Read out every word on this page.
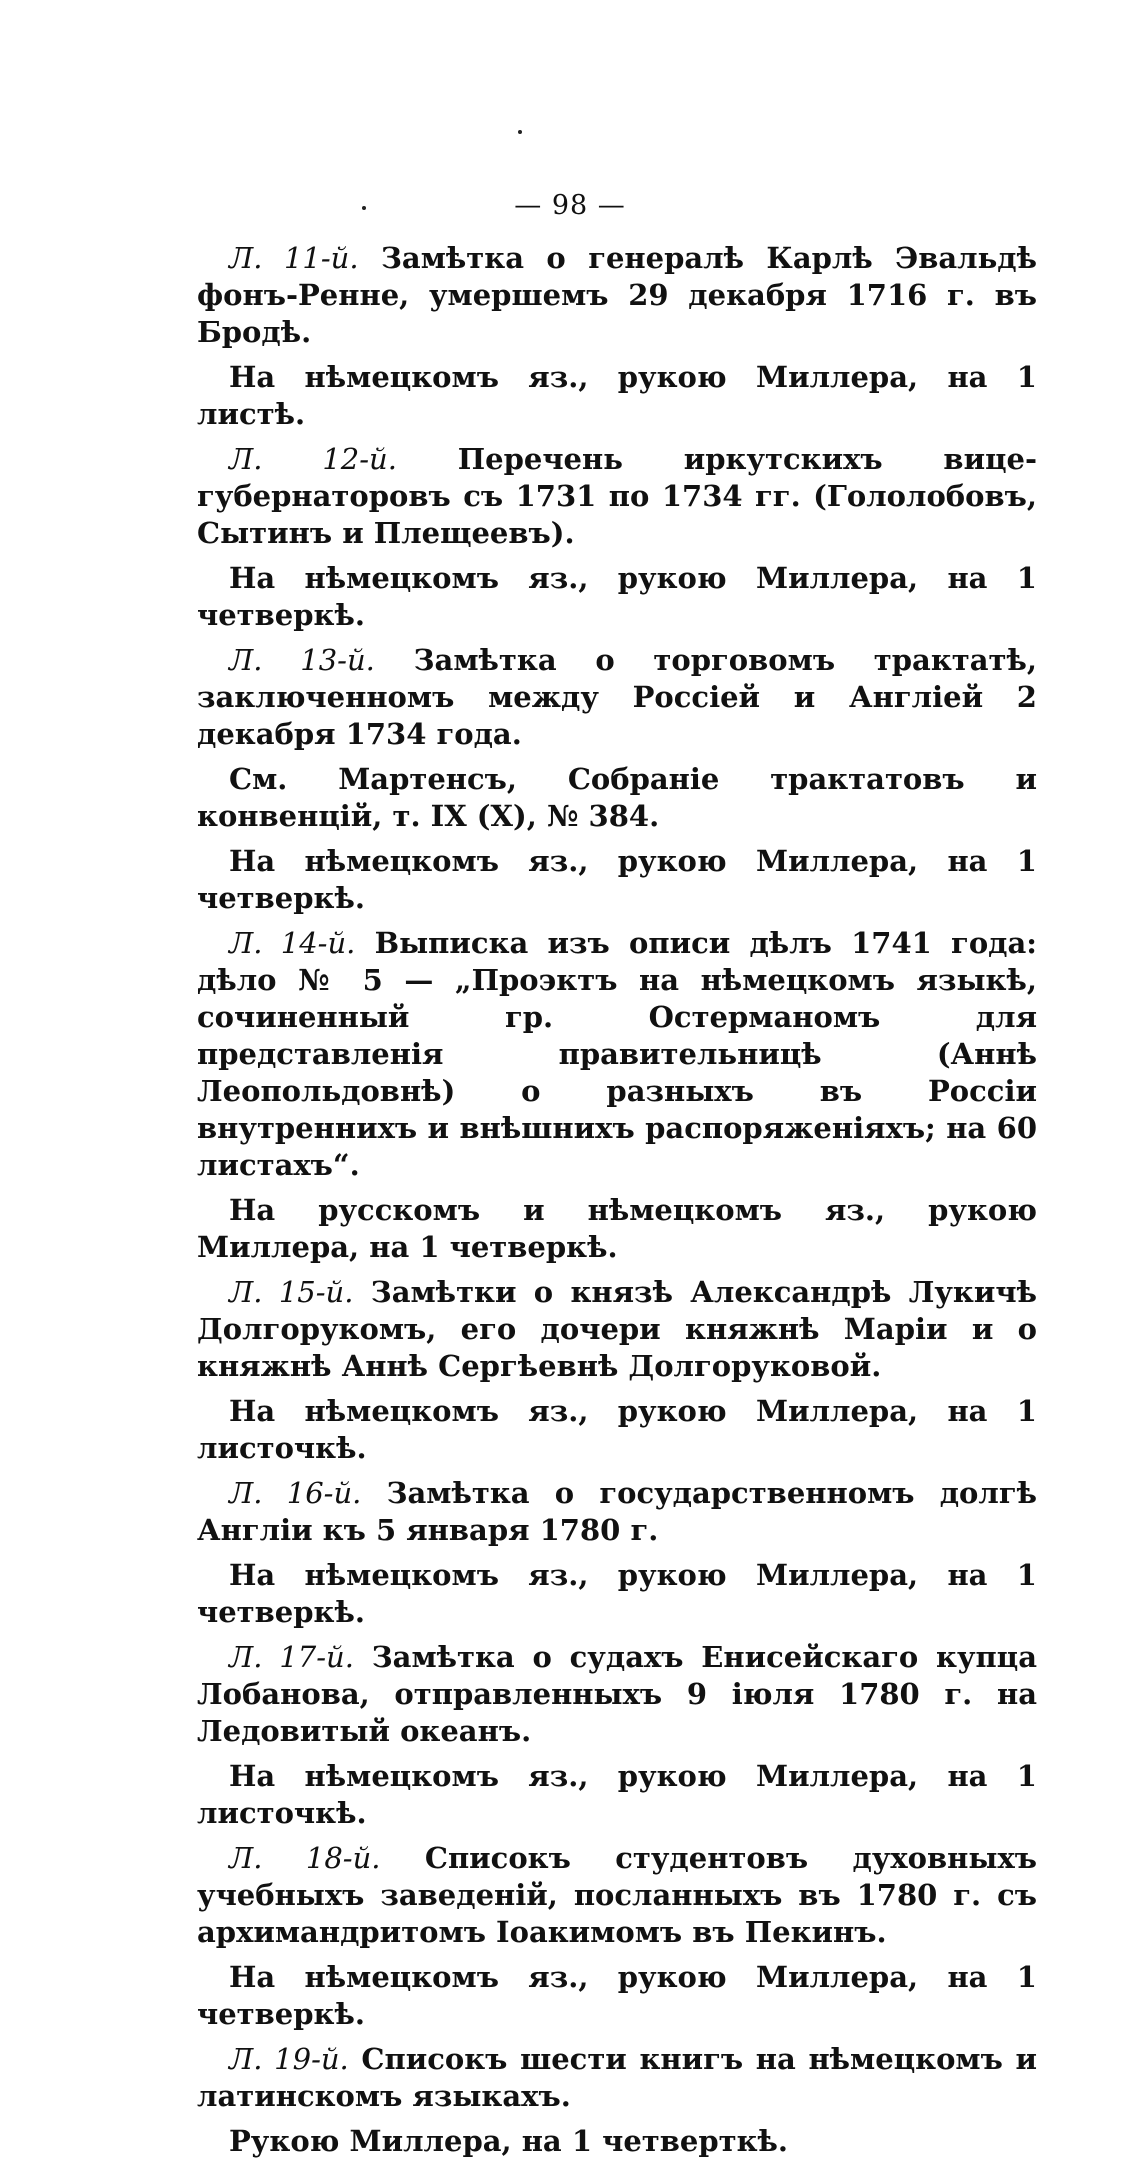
— 98 —

Л. 11-й. Замѣтка о генералѣ Карлѣ Эвальдѣ фонъ-Ренне, умершемъ 29 декабря 1716 г. въ Бродѣ.

На нѣмецкомъ яз., рукою Миллера, на 1 листѣ.

Л. 12-й. Перечень иркутскихъ вице-губернаторовъ съ 1731 по 1734 гг. (Гололобовъ, Сытинъ и Плещеевъ).

На нѣмецкомъ яз., рукою Миллера, на 1 четверкѣ.

Л. 13-й. Замѣтка о торговомъ трактатѣ, заключенномъ между Россіей и Англіей 2 декабря 1734 года.

См. Мартенсъ, Собраніе трактатовъ и конвенцій, т. IX (X), № 384.

На нѣмецкомъ яз., рукою Миллера, на 1 четверкѣ.

Л. 14-й. Выписка изъ описи дѣлъ 1741 года: дѣло № 5 — „Проэктъ на нѣмецкомъ языкѣ, сочиненный гр. Остерманомъ для представленія правительницѣ (Аннѣ Леопольдовнѣ) о разныхъ въ Россіи внутреннихъ и внѣшнихъ распоряженіяхъ; на 60 листахъ“.

На русскомъ и нѣмецкомъ яз., рукою Миллера, на 1 четверкѣ.

Л. 15-й. Замѣтки о князѣ Александрѣ Лукичѣ Долгорукомъ, его дочери княжнѣ Маріи и о княжнѣ Аннѣ Сергѣевнѣ Долгоруковой.

На нѣмецкомъ яз., рукою Миллера, на 1 листочкѣ.

Л. 16-й. Замѣтка о государственномъ долгѣ Англіи къ 5 января 1780 г.

На нѣмецкомъ яз., рукою Миллера, на 1 четверкѣ.

Л. 17-й. Замѣтка о судахъ Енисейскаго купца Лобанова, отправленныхъ 9 іюля 1780 г. на Ледовитый океанъ.

На нѣмецкомъ яз., рукою Миллера, на 1 листочкѣ.

Л. 18-й. Списокъ студентовъ духовныхъ учебныхъ заведеній, посланныхъ въ 1780 г. съ архимандритомъ Іоакимомъ въ Пекинъ.

На нѣмецкомъ яз., рукою Миллера, на 1 четверкѣ.

Л. 19-й. Списокъ шести книгъ на нѣмецкомъ и латинскомъ языкахъ.

Рукою Миллера, на 1 четверткѣ.
